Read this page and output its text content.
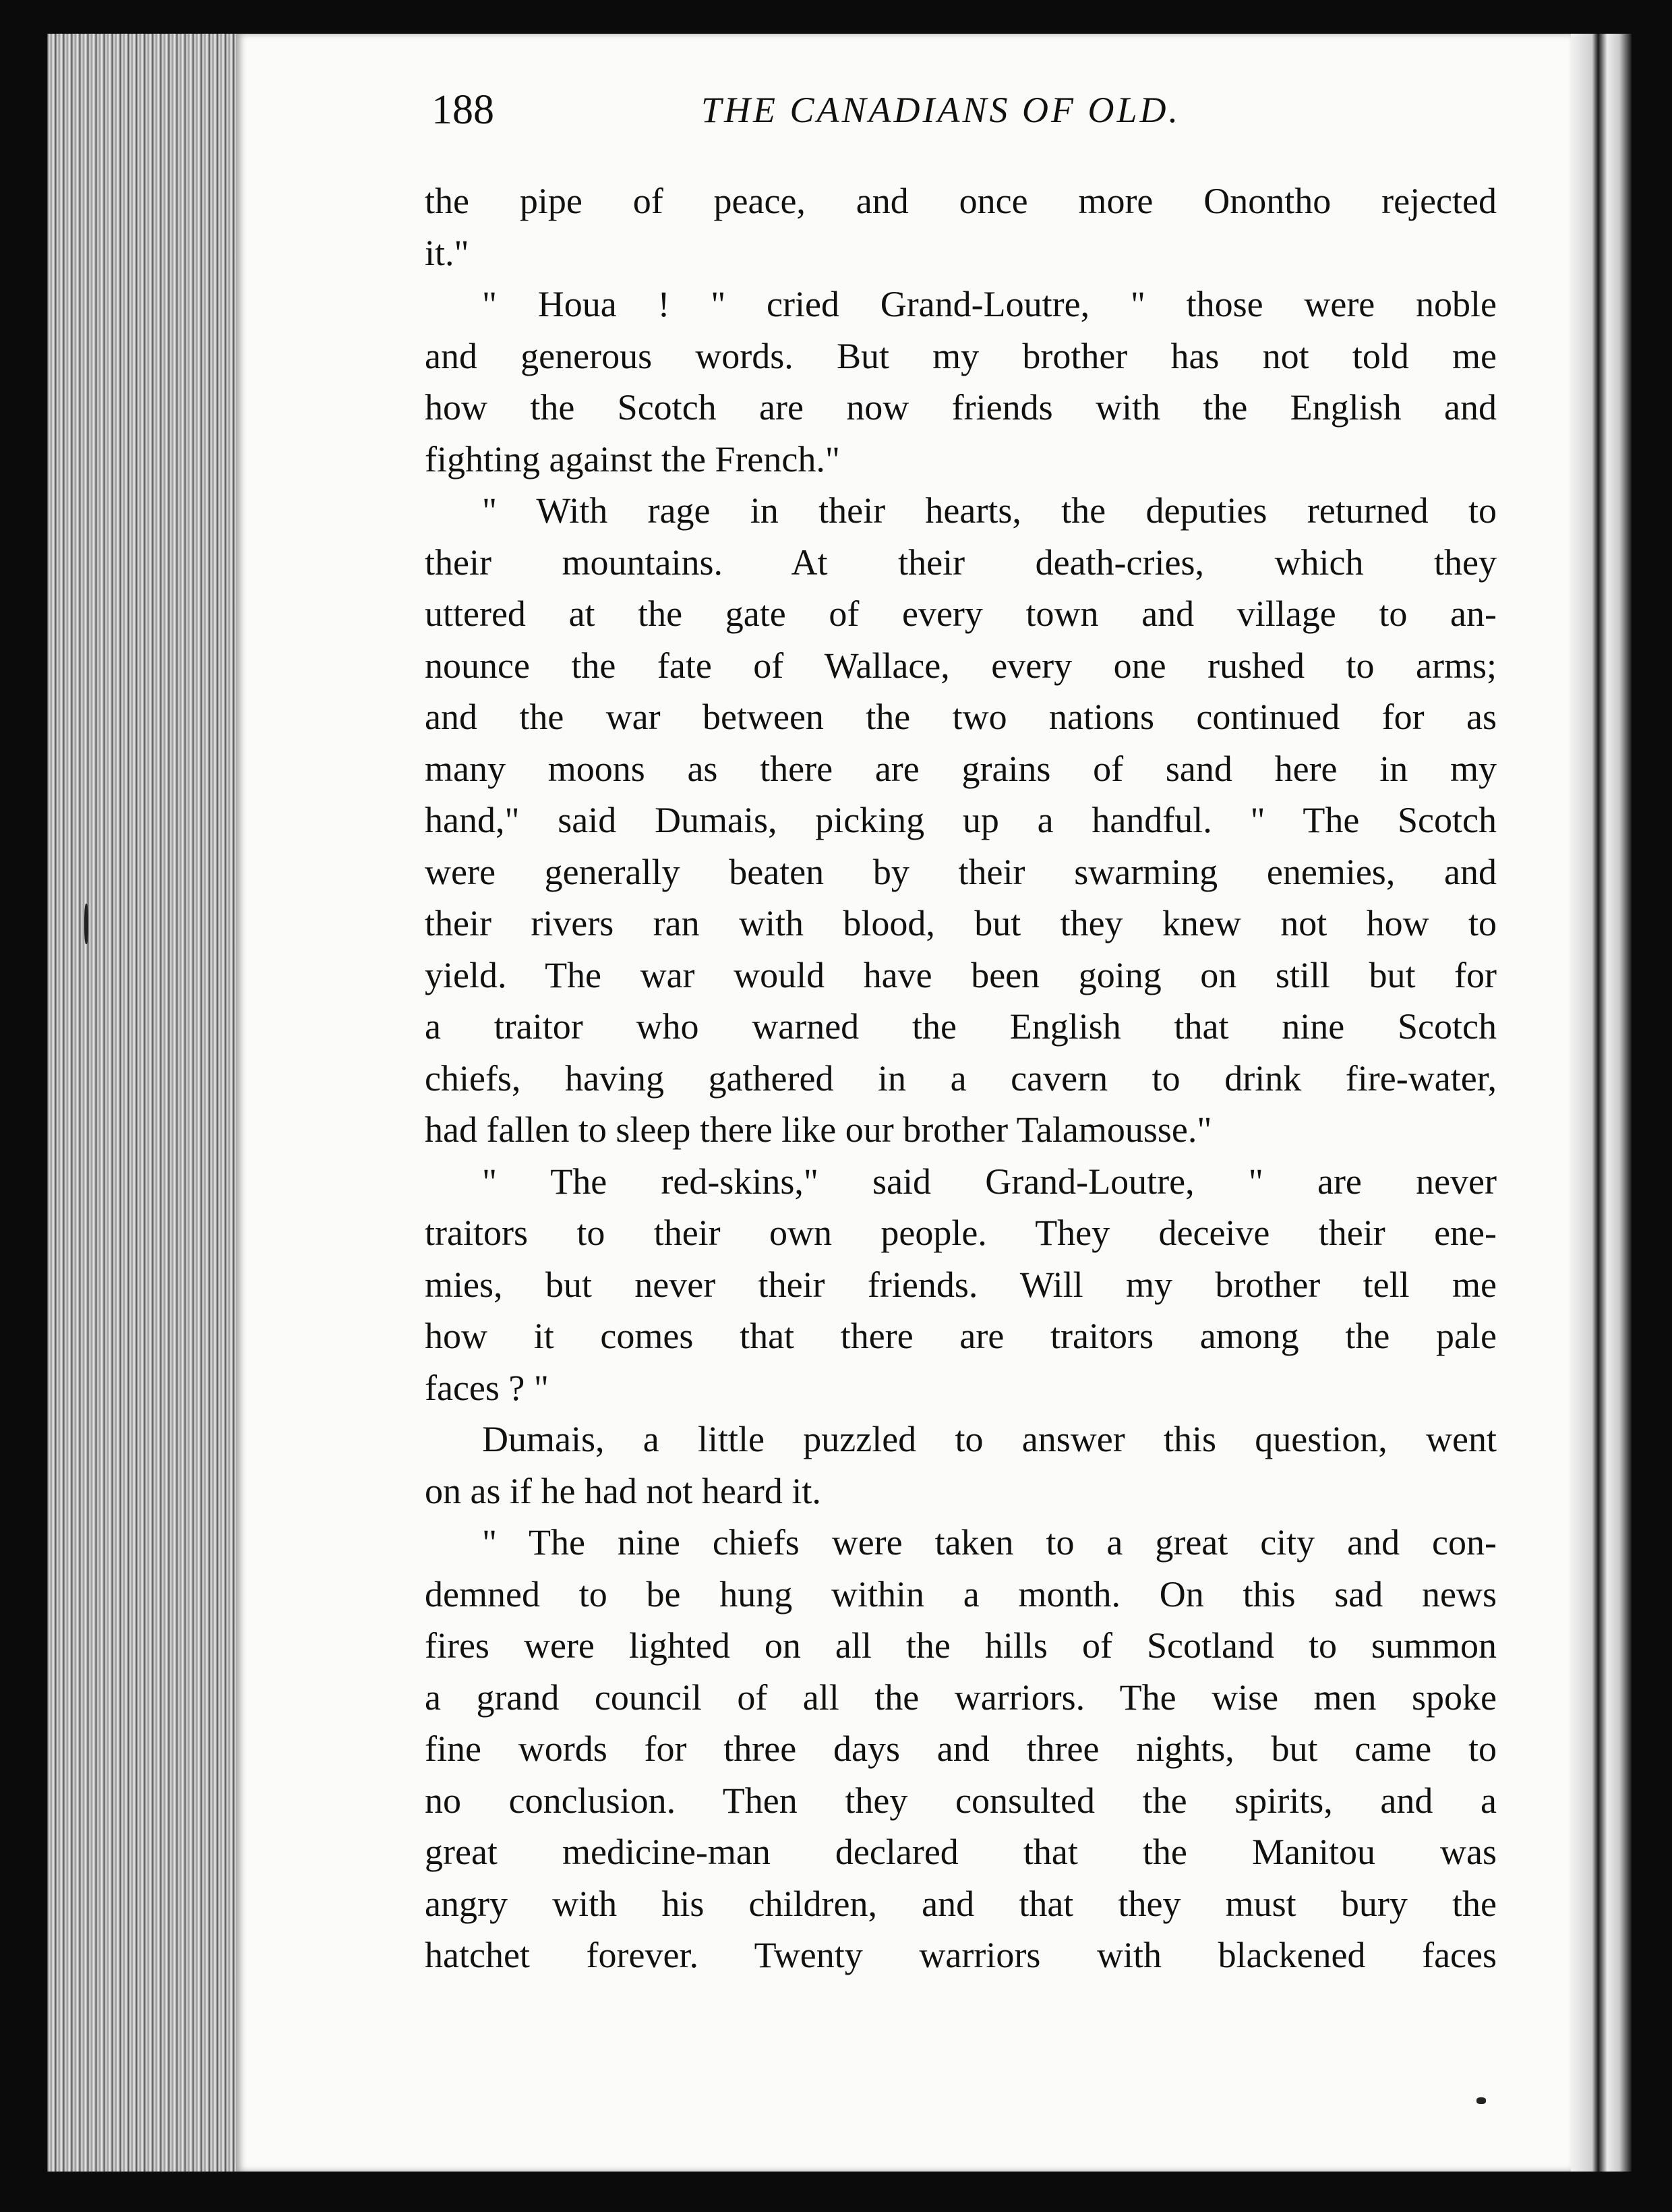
188	THE CANADIANS OF OLD.
the pipe of peace, and once more Onontho rejected
it."
" Houa ! " cried Grand-Loutre, " those were noble
and generous words. But my brother has not told me
how the Scotch are now friends with the English and
fighting against the French."
" With rage in their hearts, the deputies returned to
their mountains. At their death-cries, which they
uttered at the gate of every town and village to an-
nounce the fate of Wallace, every one rushed to arms;
and the war between the two nations continued for as
many moons as there are grains of sand here in my
hand," said Dumais, picking up a handful. " The Scotch
were generally beaten by their swarming enemies, and
their rivers ran with blood, but they knew not how to
yield. The war would have been going on still but for
a traitor who warned the English that nine Scotch
chiefs, having gathered in a cavern to drink fire-water,
had fallen to sleep there like our brother Talamousse."
" The red-skins," said Grand-Loutre, " are never
traitors to their own people. They deceive their ene-
mies, but never their friends. Will my brother tell me
how it comes that there are traitors among the pale
faces ? "
Dumais, a little puzzled to answer this question, went
on as if he had not heard it.
" The nine chiefs were taken to a great city and con-
demned to be hung within a month. On this sad news
fires were lighted on all the hills of Scotland to summon
a grand council of all the warriors. The wise men spoke
fine words for three days and three nights, but came to
no conclusion. Then they consulted the spirits, and a
great medicine-man declared that the Manitou was
angry with his children, and that they must bury the
hatchet forever. Twenty warriors with blackened faces
